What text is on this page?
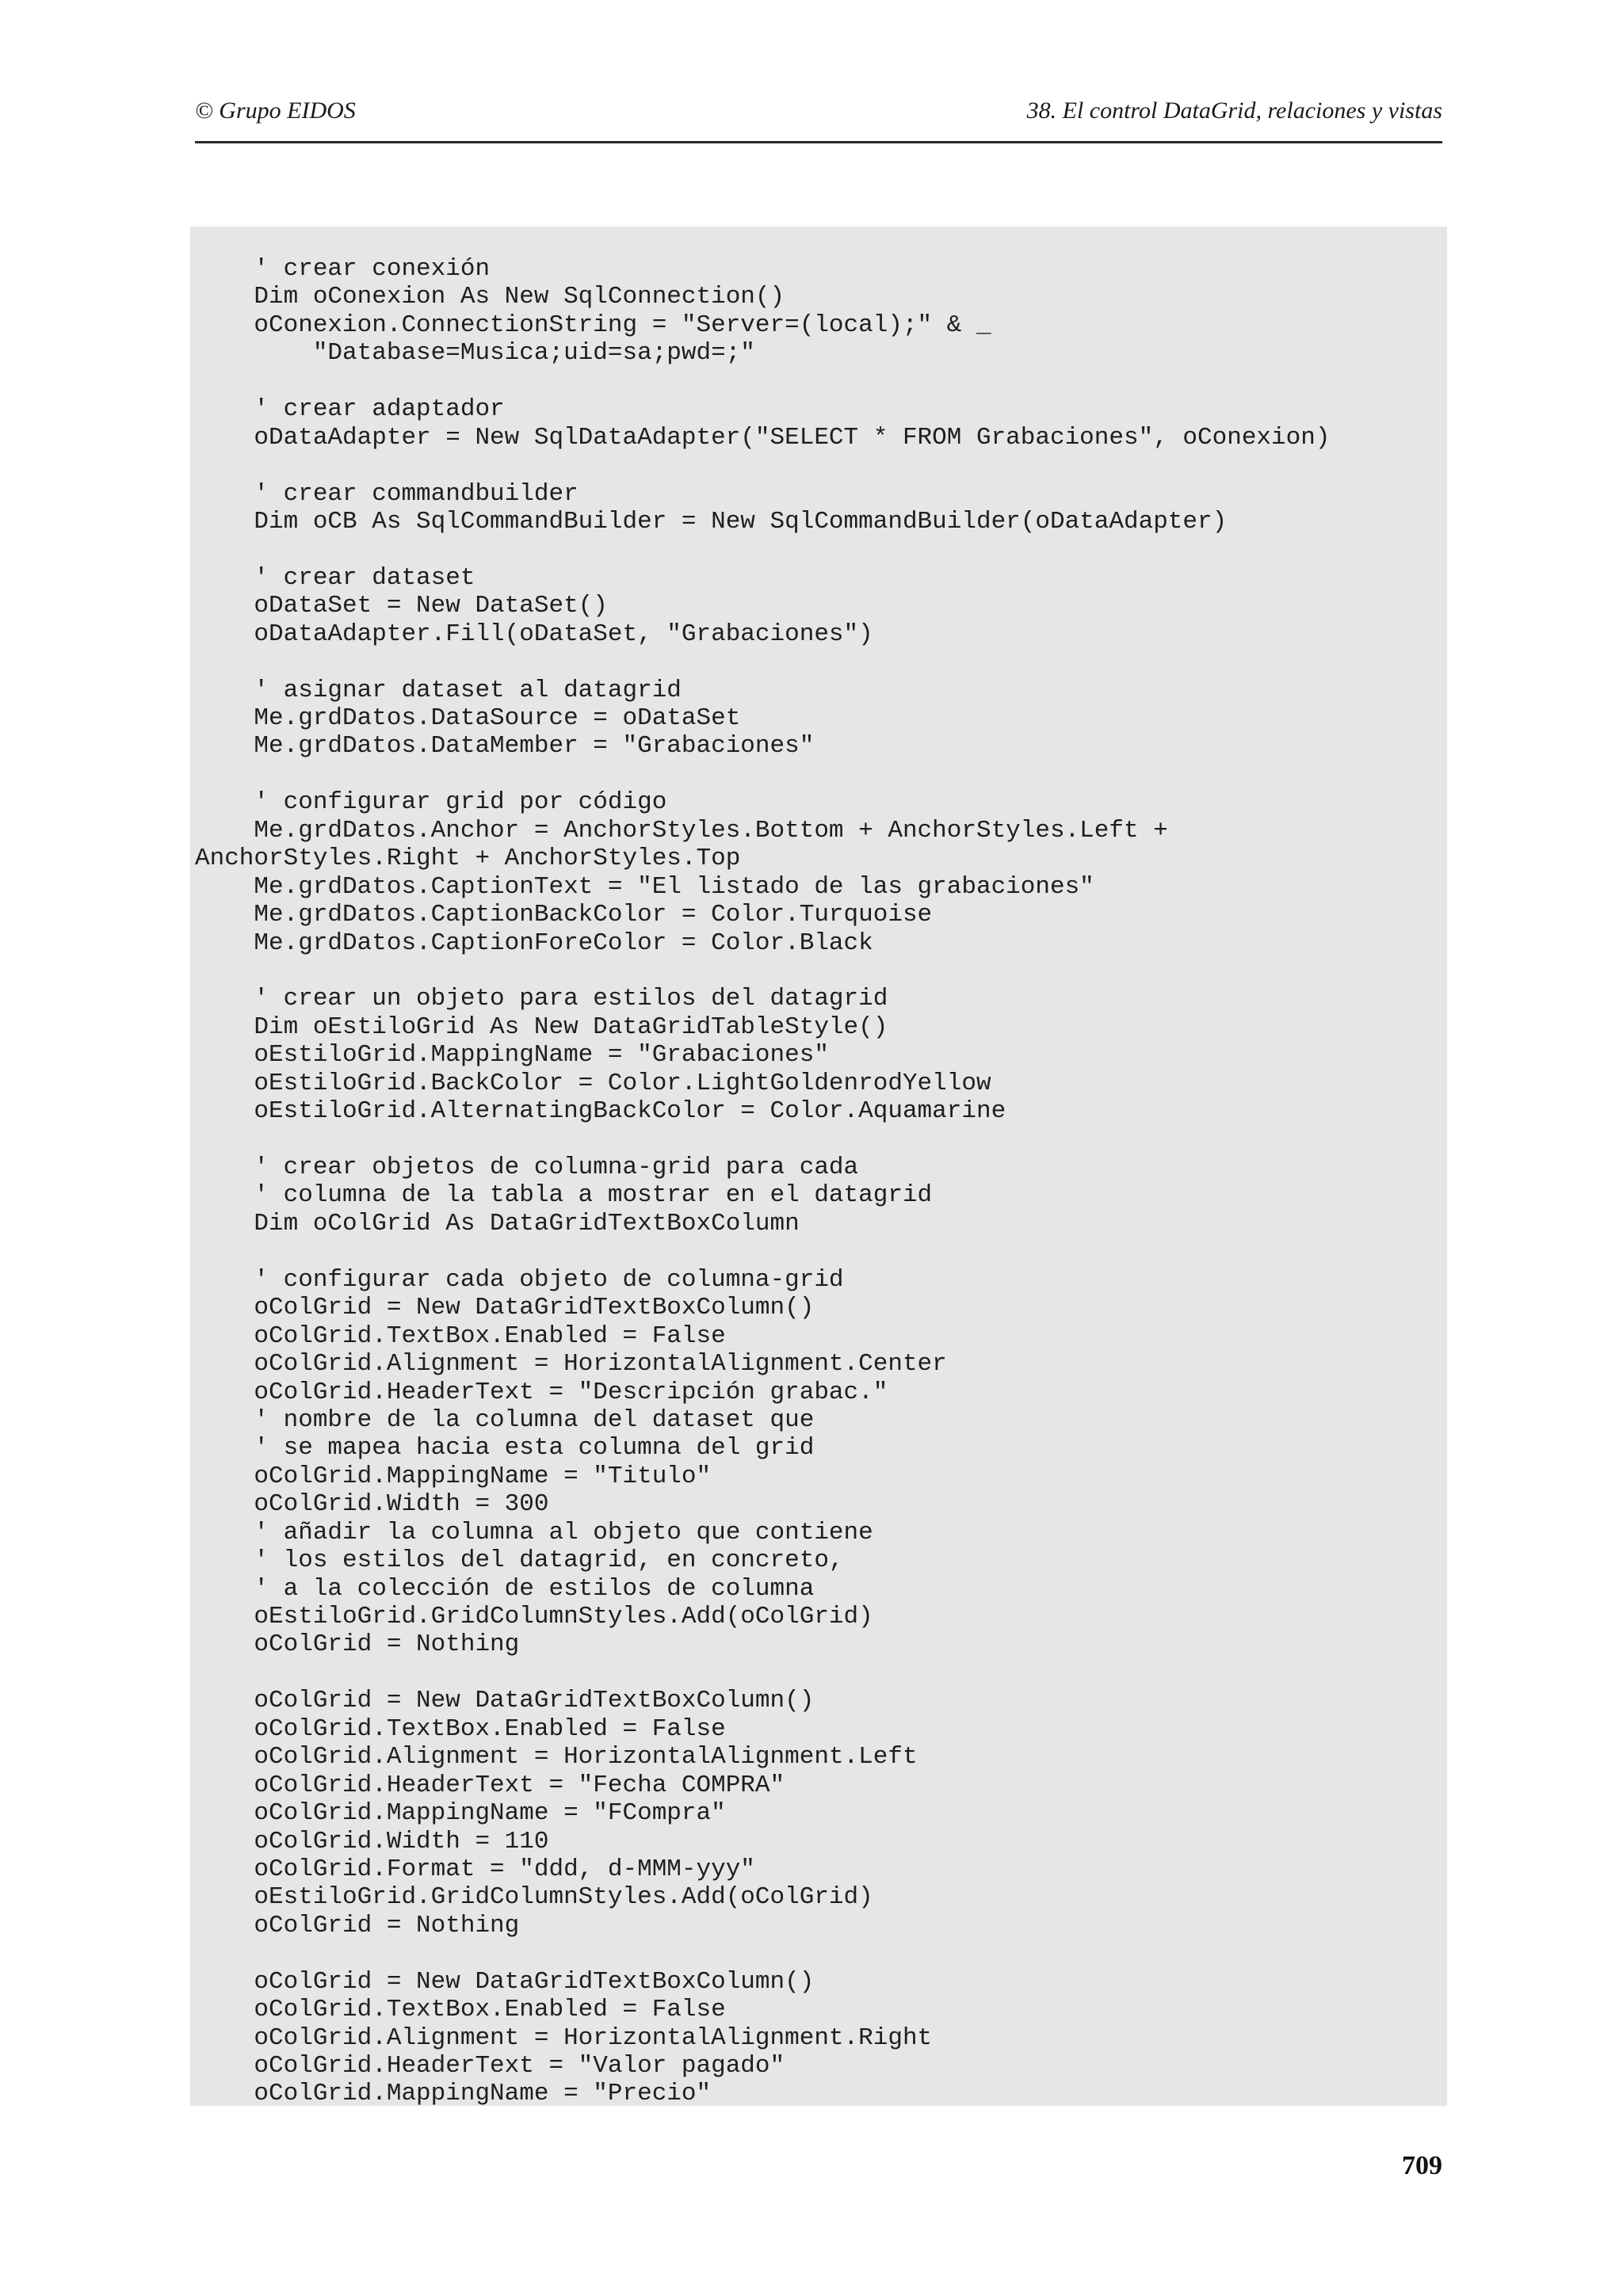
© Grupo EIDOS	38. El control DataGrid, relaciones y vistas
' crear conexión
Dim oConexion As New SqlConnection()
oConexion.ConnectionString = "Server=(local);" & _
"Database=Musica;uid=sa;pwd=;"

' crear adaptador
oDataAdapter = New SqlDataAdapter("SELECT * FROM Grabaciones", oConexion)

' crear commandbuilder
Dim oCB As SqlCommandBuilder = New SqlCommandBuilder(oDataAdapter)

' crear dataset
oDataSet = New DataSet()
oDataAdapter.Fill(oDataSet, "Grabaciones")

' asignar dataset al datagrid
Me.grdDatos.DataSource = oDataSet
Me.grdDatos.DataMember = "Grabaciones"

' configurar grid por código
Me.grdDatos.Anchor = AnchorStyles.Bottom + AnchorStyles.Left +
AnchorStyles.Right + AnchorStyles.Top
Me.grdDatos.CaptionText = "El listado de las grabaciones"
Me.grdDatos.CaptionBackColor = Color.Turquoise
Me.grdDatos.CaptionForeColor = Color.Black

' crear un objeto para estilos del datagrid
Dim oEstiloGrid As New DataGridTableStyle()
oEstiloGrid.MappingName = "Grabaciones"
oEstiloGrid.BackColor = Color.LightGoldenrodYellow
oEstiloGrid.AlternatingBackColor = Color.Aquamarine

' crear objetos de columna-grid para cada
' columna de la tabla a mostrar en el datagrid
Dim oColGrid As DataGridTextBoxColumn

' configurar cada objeto de columna-grid
oColGrid = New DataGridTextBoxColumn()
oColGrid.TextBox.Enabled = False
oColGrid.Alignment = HorizontalAlignment.Center
oColGrid.HeaderText = "Descripción grabac."
' nombre de la columna del dataset que
' se mapea hacia esta columna del grid
oColGrid.MappingName = "Titulo"
oColGrid.Width = 300
' añadir la columna al objeto que contiene
' los estilos del datagrid, en concreto,
' a la colección de estilos de columna
oEstiloGrid.GridColumnStyles.Add(oColGrid)
oColGrid = Nothing

oColGrid = New DataGridTextBoxColumn()
oColGrid.TextBox.Enabled = False
oColGrid.Alignment = HorizontalAlignment.Left
oColGrid.HeaderText = "Fecha COMPRA"
oColGrid.MappingName = "FCompra"
oColGrid.Width = 110
oColGrid.Format = "ddd, d-MMM-yyy"
oEstiloGrid.GridColumnStyles.Add(oColGrid)
oColGrid = Nothing

oColGrid = New DataGridTextBoxColumn()
oColGrid.TextBox.Enabled = False
oColGrid.Alignment = HorizontalAlignment.Right
oColGrid.HeaderText = "Valor pagado"
oColGrid.MappingName = "Precio"
709
